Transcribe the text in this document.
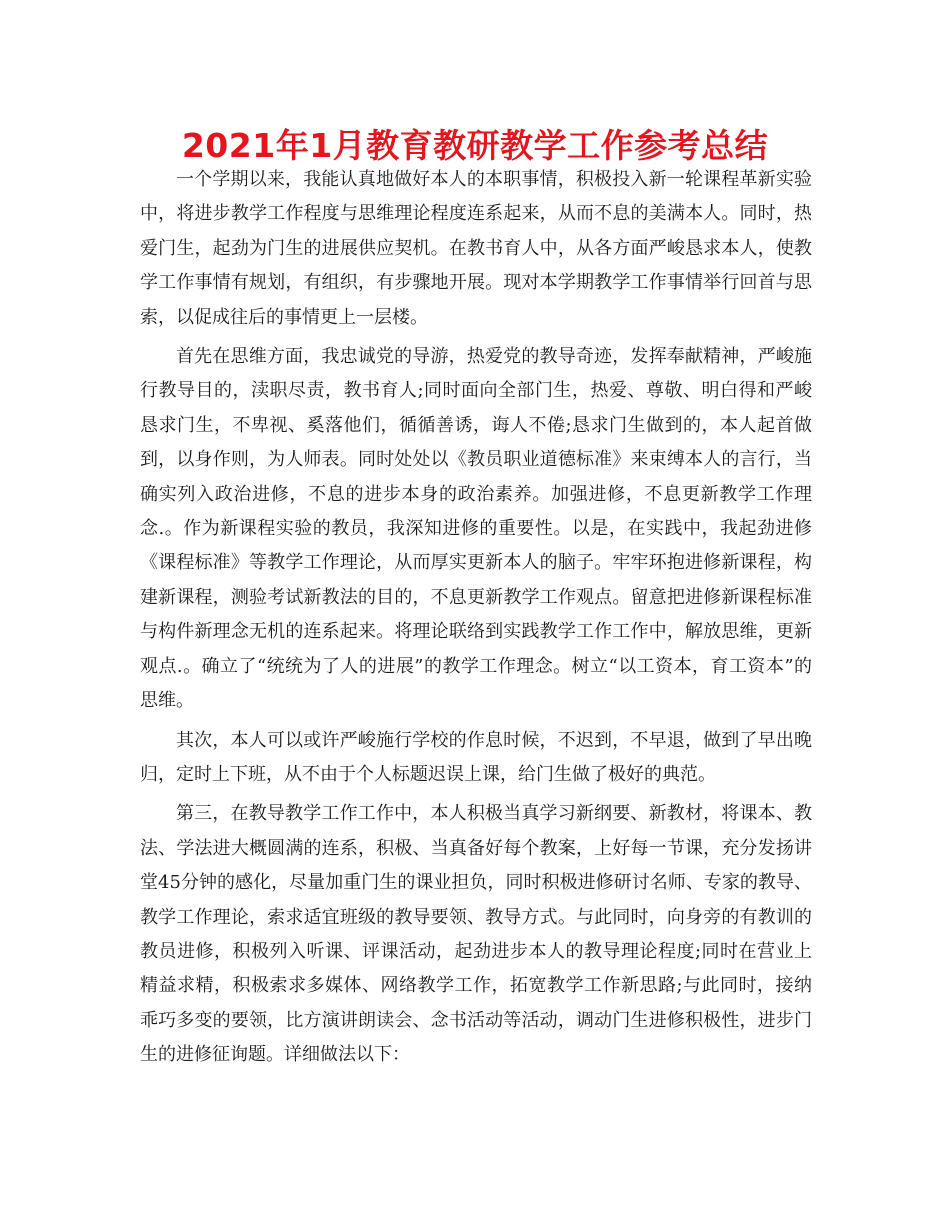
2021年1月教育教研教学工作参考总结

一个学期以来，我能认真地做好本人的本职事情，积极投入新一轮课程革新实验中，将进步教学工作程度与思维理论程度连系起来，从而不息的美满本人。同时，热爱门生，起劲为门生的进展供应契机。在教书育人中，从各方面严峻恳求本人，使教学工作事情有规划，有组织，有步骤地开展。现对本学期教学工作事情举行回首与思索，以促成往后的事情更上一层楼。

首先在思维方面，我忠诚党的导游，热爱党的教导奇迹，发挥奉献精神，严峻施行教导目的，渎职尽责，教书育人;同时面向全部门生，热爱、尊敬、明白得和严峻恳求门生，不卑视、奚落他们，循循善诱，诲人不倦;恳求门生做到的，本人起首做到，以身作则，为人师表。同时处处以《教员职业道德标准》来束缚本人的言行，当确实列入政治进修，不息的进步本身的政治素养。加强进修，不息更新教学工作理念.。作为新课程实验的教员，我深知进修的重要性。以是，在实践中，我起劲进修《课程标准》等教学工作理论，从而厚实更新本人的脑子。牢牢环抱进修新课程，构建新课程，测验考试新教法的目的，不息更新教学工作观点。留意把进修新课程标准与构件新理念无机的连系起来。将理论联络到实践教学工作工作中，解放思维，更新观点.。确立了“统统为了人的进展”的教学工作理念。树立“以工资本，育工资本”的思维。

其次，本人可以或许严峻施行学校的作息时候，不迟到，不早退，做到了早出晚归，定时上下班，从不由于个人标题迟误上课，给门生做了极好的典范。

第三，在教导教学工作工作中，本人积极当真学习新纲要、新教材，将课本、教法、学法进大概圆满的连系，积极、当真备好每个教案，上好每一节课，充分发扬讲堂45分钟的感化，尽量加重门生的课业担负，同时积极进修研讨名师、专家的教导、教学工作理论，索求适宜班级的教导要领、教导方式。与此同时，向身旁的有教训的教员进修，积极列入听课、评课活动，起劲进步本人的教导理论程度;同时在营业上精益求精，积极索求多媒体、网络教学工作，拓宽教学工作新思路;与此同时，接纳乖巧多变的要领，比方演讲朗读会、念书活动等活动，调动门生进修积极性，进步门生的进修征询题。详细做法以下：
